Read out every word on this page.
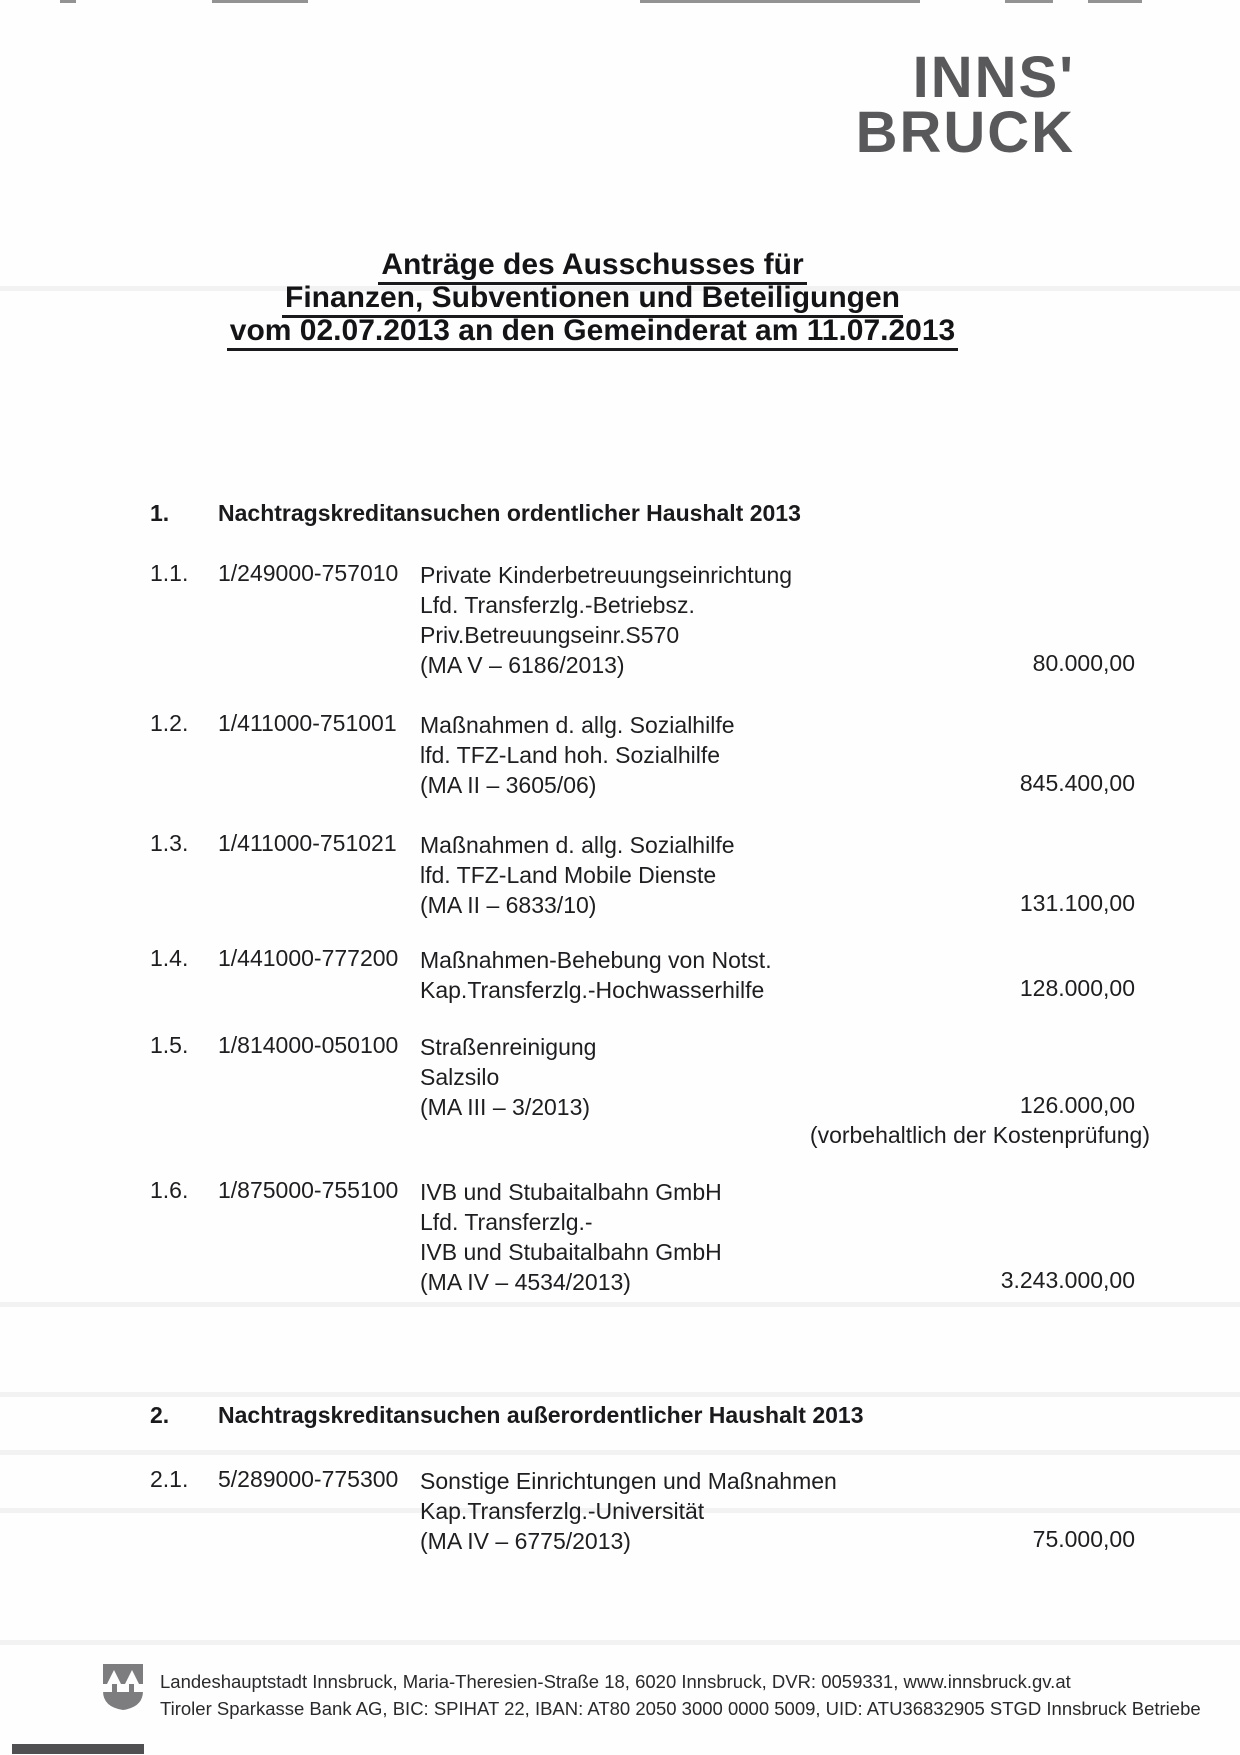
INNS'
BRUCK
Anträge des Ausschusses für
Finanzen, Subventionen und Beteiligungen
vom 02.07.2013 an den Gemeinderat am 11.07.2013
1. Nachtragskreditansuchen ordentlicher Haushalt 2013
1.1. 1/249000-757010 Private Kinderbetreuungseinrichtung
Lfd. Transferzlg.-Betriebsz.
Priv.Betreuungseinr.S570
(MA V – 6186/2013)	80.000,00
1.2. 1/411000-751001 Maßnahmen d. allg. Sozialhilfe
lfd. TFZ-Land hoh. Sozialhilfe
(MA II – 3605/06)	845.400,00
1.3. 1/411000-751021 Maßnahmen d. allg. Sozialhilfe
lfd. TFZ-Land Mobile Dienste
(MA II – 6833/10)	131.100,00
1.4. 1/441000-777200 Maßnahmen-Behebung von Notst.
Kap.Transferzlg.-Hochwasserhilfe	128.000,00
1.5. 1/814000-050100 Straßenreinigung
Salzsilo
(MA III – 3/2013)	126.000,00
(vorbehaltlich der Kostenprüfung)
1.6. 1/875000-755100 IVB und Stubaitalbahn GmbH
Lfd. Transferzlg.-
IVB und Stubaitalbahn GmbH
(MA IV – 4534/2013)	3.243.000,00
2. Nachtragskreditansuchen außerordentlicher Haushalt 2013
2.1. 5/289000-775300 Sonstige Einrichtungen und Maßnahmen
Kap.Transferzlg.-Universität
(MA IV – 6775/2013)	75.000,00
Landeshauptstadt Innsbruck, Maria-Theresien-Straße 18, 6020 Innsbruck, DVR: 0059331, www.innsbruck.gv.at
Tiroler Sparkasse Bank AG, BIC: SPIHAT 22, IBAN: AT80 2050 3000 0000 5009, UID: ATU36832905 STGD Innsbruck Betriebe
